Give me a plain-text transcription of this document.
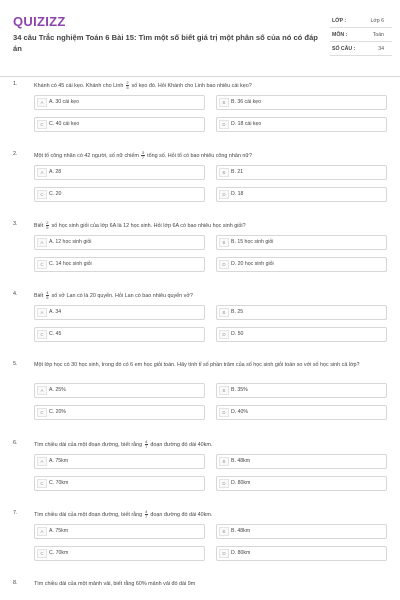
QUIZIZZ
34 câu Trắc nghiệm Toán 6 Bài 15: Tìm một số biết giá trị một phân số của nó có đáp án
LỚP :	Lớp 6
MÔN :	Toán
SỐ CÂU :	34
1.	Khánh có 45 cái kẹo. Khánh cho Linh $\frac{2}{5}$ số kẹo đó. Hỏi Khánh cho Linh bao nhiêu cái kẹo?
A	A. 30 cái kẹo	B	B. 36 cái kẹo
C	C. 40 cái kẹo	D	D. 18 cái kẹo
2.	Một tổ công nhân có 42 người, số nữ chiếm $\frac{3}{7}$ tổng số. Hỏi tổ có bao nhiêu công nhân nữ?
A	A. 28	B	B. 21
C	C. 20	D	D. 18
3.	Biết $\frac{2}{5}$ số học sinh giỏi của lớp 6A là 12 học sinh. Hỏi lớp 6A có bao nhiêu học sinh giỏi?
A	A. 12 học sinh giỏi	B	B. 15 học sinh giỏi
C	C. 14 học sinh giỏi	D	D. 20 học sinh giỏi
4.	Biết $\frac{4}{5}$ số vở Lan có là 20 quyển. Hỏi Lan có bao nhiêu quyển vở?
A	A. 34	B	B. 25
C	C. 45	D	D. 50
5.	Một lớp học có 30 học sinh, trong đó có 6 em học giỏi toán. Hãy tính tỉ số phần trăm của số học sinh giỏi toán so với số học sinh cả lớp?
A	A. 25%	B	B. 35%
C	C. 20%	D	D. 40%
6.	Tìm chiều dài của một đoạn đường, biết rằng $\frac{4}{7}$ đoạn đường đó dài 40km.
A	A. 75km	B	B. 48km
C	C. 70km	D	D. 80km
7.	Tìm chiều dài của một đoạn đường, biết rằng $\frac{4}{7}$ đoạn đường đó dài 40km.
A	A. 75km	B	B. 48km
C	C. 70km	D	D. 80km
8.	Tìm chiều dài của một mảnh vải, biết rằng 60% mảnh vải đó dài 9m
